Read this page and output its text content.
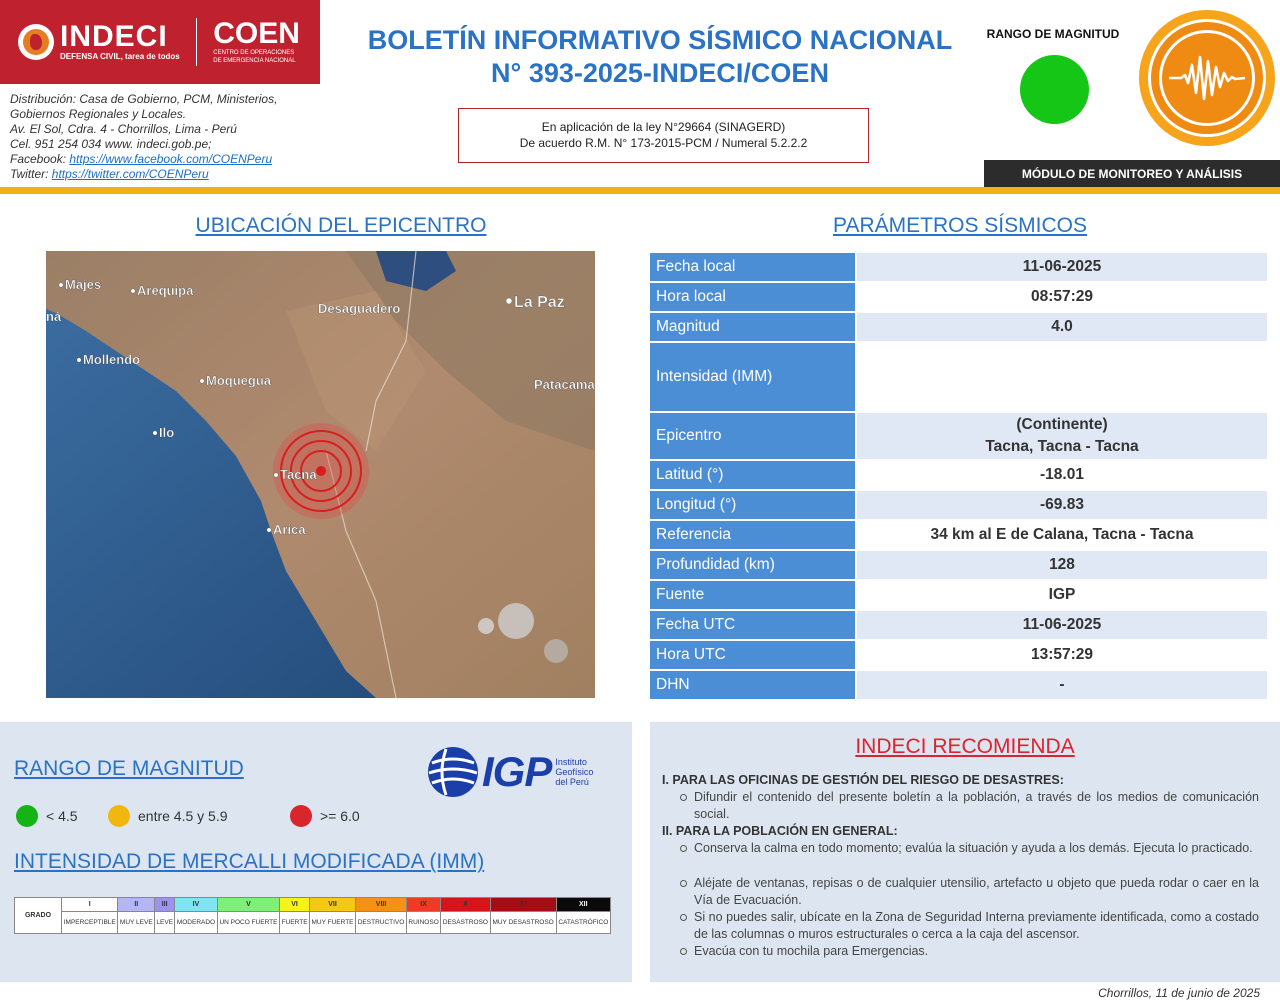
INDECI
DEFENSA CIVIL, tarea de todos
COEN
CENTRO DE OPERACIONES
DE EMERGENCIA NACIONAL
Distribución: Casa de Gobierno, PCM, Ministerios,
Gobiernos Regionales y Locales.
Av. El Sol, Cdra. 4 - Chorrillos, Lima - Perú
Cel. 951 254 034 www. indeci.gob.pe;
Facebook: https://www.facebook.com/COENPeru
Twitter: https://twitter.com/COENPeru
BOLETÍN INFORMATIVO SÍSMICO NACIONAL
N° 393-2025-INDECI/COEN
En aplicación de la ley N°29664 (SINAGERD)
De acuerdo R.M. N° 173-2015-PCM / Numeral 5.2.2.2
RANGO DE MAGNITUD
MÓDULO DE MONITOREO Y ANÁLISIS
UBICACIÓN DEL EPICENTRO	PARÁMETROS SÍSMICOS
Majes	Arequipa
Desaguadero	La Paz
ná
Mollendo
Moquegua	Patacama
Ilo
Tacna
Arica
Fecha local		11-06-2025
Hora local		08:57:29
Magnitud		4.0
Intensidad (IMM)		
Epicentro		(Continente)
Tacna, Tacna - Tacna

Latitud (°)		-18.01
Longitud (°)		-69.83
Referencia		34 km al E de Calana, Tacna - Tacna
Profundidad (km)		128
Fuente		IGP
Fecha UTC		11-06-2025
Hora UTC		13:57:29
DHN		-
RANGO DE MAGNITUD	IGP Instituto
Geofísico
del Perú
< 4.5	entre 4.5 y 5.9	>= 6.0
INTENSIDAD DE MERCALLI MODIFICADA (IMM)
GRADO	I	II	III	IV	V	VI	VII	VIII	IX	X	XI	XII
	IMPERCEPTIBLE	MUY LEVE	LEVE	MODERADO	UN POCO FUERTE	FUERTE	MUY FUERTE	DESTRUCTIVO	RUINOSO	DESASTROSO	MUY DESASTROSO	CATASTRÓFICO
INDECI RECOMIENDA
I. PARA LAS OFICINAS DE GESTIÓN DEL RIESGO DE DESASTRES:
Difundir el contenido del presente boletín a la población, a través de los medios de comunicación social.
II. PARA LA POBLACIÓN EN GENERAL:
Conserva la calma en todo momento; evalúa la situación y ayuda a los demás. Ejecuta lo practicado.
Aléjate de ventanas, repisas o de cualquier utensilio, artefacto u objeto que pueda rodar o caer en la Vía de Evacuación.
Si no puedes salir, ubícate en la Zona de Seguridad Interna previamente identificada, como a costado de las columnas o muros estructurales o cerca a la caja del ascensor.
Evacúa con tu mochila para Emergencias.
Chorrillos, 11 de junio de 2025
